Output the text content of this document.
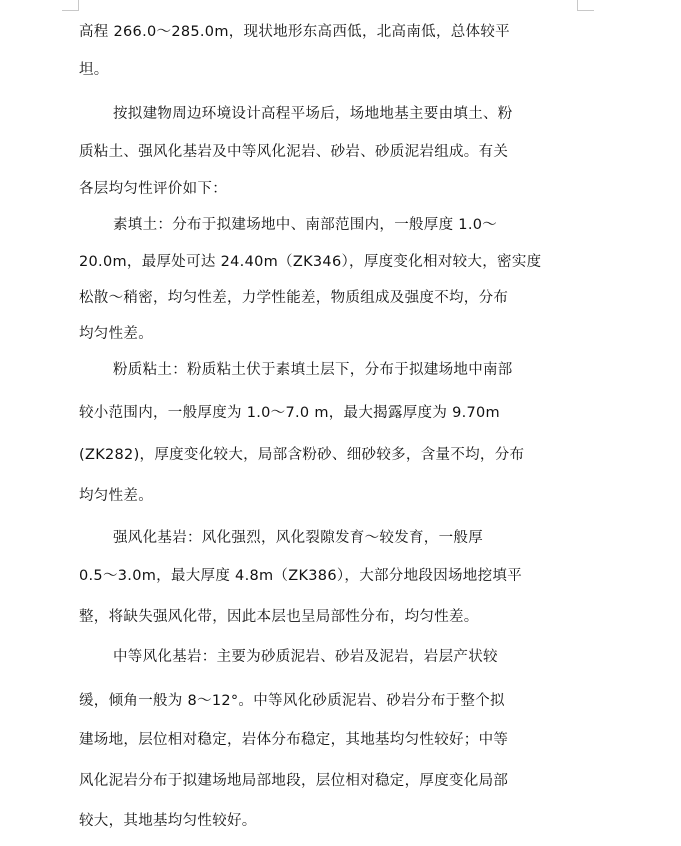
高程 266.0～285.0m，现状地形东高西低，北高南低，总体较平
坦。
按拟建物周边环境设计高程平场后，场地地基主要由填土、粉
质粘土、强风化基岩及中等风化泥岩、砂岩、砂质泥岩组成。有关
各层均匀性评价如下：
素填土：分布于拟建场地中、南部范围内，一般厚度 1.0～
20.0m，最厚处可达 24.40m（ZK346），厚度变化相对较大，密实度
松散～稍密，均匀性差，力学性能差，物质组成及强度不均，分布
均匀性差。
粉质粘土：粉质粘土伏于素填土层下，分布于拟建场地中南部
较小范围内，一般厚度为 1.0～7.0 m，最大揭露厚度为 9.70m
(ZK282)，厚度变化较大，局部含粉砂、细砂较多，含量不均，分布
均匀性差。
强风化基岩：风化强烈，风化裂隙发育～较发育，一般厚
0.5～3.0m，最大厚度 4.8m（ZK386），大部分地段因场地挖填平
整，将缺失强风化带，因此本层也呈局部性分布，均匀性差。
中等风化基岩：主要为砂质泥岩、砂岩及泥岩，岩层产状较
缓，倾角一般为 8～12°。中等风化砂质泥岩、砂岩分布于整个拟
建场地，层位相对稳定，岩体分布稳定，其地基均匀性较好；中等
风化泥岩分布于拟建场地局部地段，层位相对稳定，厚度变化局部
较大，其地基均匀性较好。
